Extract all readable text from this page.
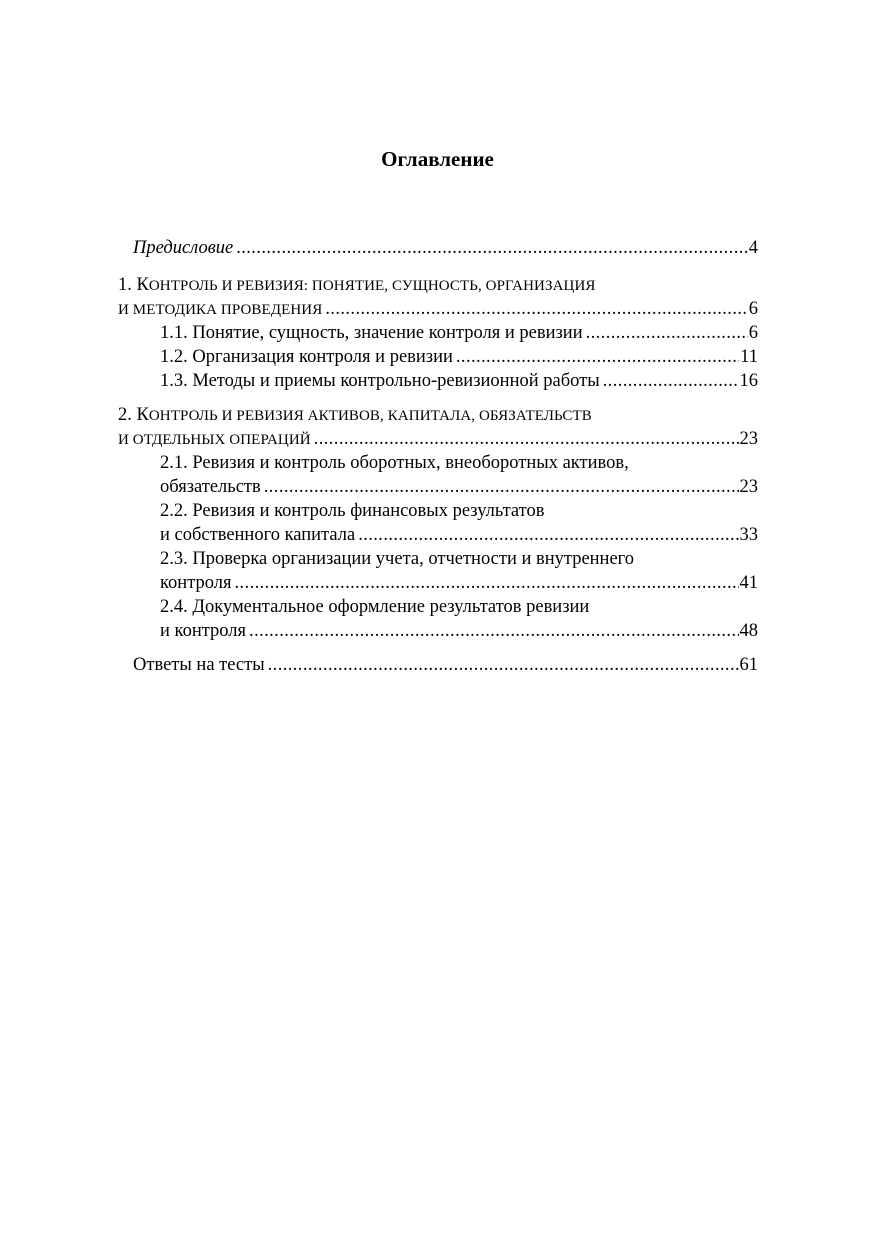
Оглавление
Предисловие .....	4
1. КОНТРОЛЬ И РЕВИЗИЯ: ПОНЯТИЕ, СУЩНОСТЬ, ОРГАНИЗАЦИЯ
И МЕТОДИКА ПРОВЕДЕНИЯ .....	6
1.1. Понятие, сущность, значение контроля и ревизии .....	6
1.2. Организация контроля и ревизии .....	11
1.3. Методы и приемы контрольно-ревизионной работы .....	16
2. КОНТРОЛЬ И РЕВИЗИЯ АКТИВОВ, КАПИТАЛА, ОБЯЗАТЕЛЬСТВ
И ОТДЕЛЬНЫХ ОПЕРАЦИЙ .....	23
2.1. Ревизия и контроль оборотных, внеоборотных активов,
обязательств .....	23
2.2. Ревизия и контроль финансовых результатов
и собственного капитала .....	33
2.3. Проверка организации учета, отчетности и внутреннего
контроля .....	41
2.4. Документальное оформление результатов ревизии
и контроля .....	48
Ответы на тесты .....	61
